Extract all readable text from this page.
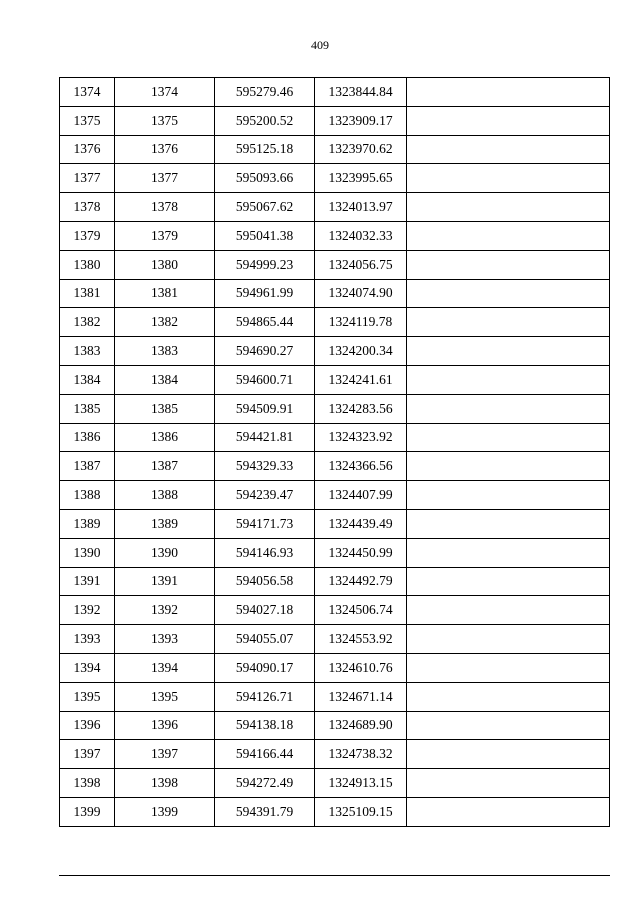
409
1374	1374	595279.46	1323844.84	
1375	1375	595200.52	1323909.17	
1376	1376	595125.18	1323970.62	
1377	1377	595093.66	1323995.65	
1378	1378	595067.62	1324013.97	
1379	1379	595041.38	1324032.33	
1380	1380	594999.23	1324056.75	
1381	1381	594961.99	1324074.90	
1382	1382	594865.44	1324119.78	
1383	1383	594690.27	1324200.34	
1384	1384	594600.71	1324241.61	
1385	1385	594509.91	1324283.56	
1386	1386	594421.81	1324323.92	
1387	1387	594329.33	1324366.56	
1388	1388	594239.47	1324407.99	
1389	1389	594171.73	1324439.49	
1390	1390	594146.93	1324450.99	
1391	1391	594056.58	1324492.79	
1392	1392	594027.18	1324506.74	
1393	1393	594055.07	1324553.92	
1394	1394	594090.17	1324610.76	
1395	1395	594126.71	1324671.14	
1396	1396	594138.18	1324689.90	
1397	1397	594166.44	1324738.32	
1398	1398	594272.49	1324913.15	
1399	1399	594391.79	1325109.15	
